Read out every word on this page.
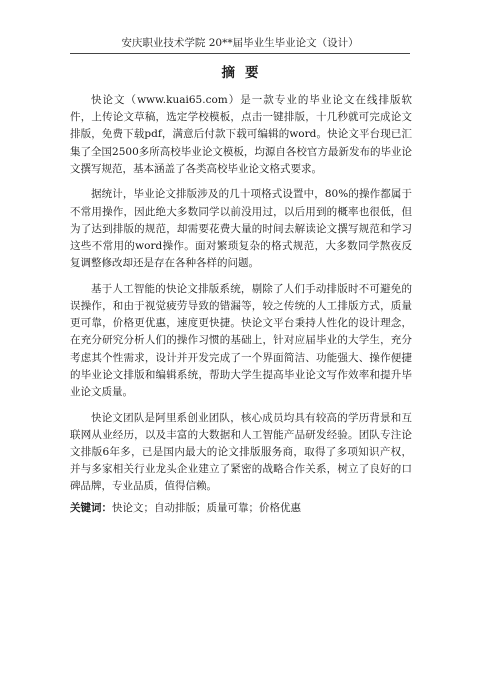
安庆职业技术学院 20**届毕业生毕业论文（设计）
摘要

快论文（www.kuai65.com）是一款专业的毕业论文在线排版软件，上传论文草稿，选定学校模板，点击一键排版，十几秒就可完成论文排版，免费下载pdf，满意后付款下载可编辑的word。快论文平台现已汇集了全国2500多所高校毕业论文模板，均源自各校官方最新发布的毕业论文撰写规范，基本涵盖了各类高校毕业论文格式要求。

据统计，毕业论文排版涉及的几十项格式设置中，80%的操作都属于不常用操作，因此绝大多数同学以前没用过，以后用到的概率也很低，但为了达到排版的规范，却需要花费大量的时间去解读论文撰写规范和学习这些不常用的word操作。面对繁琐复杂的格式规范，大多数同学熬夜反复调整修改却还是存在各种各样的问题。

基于人工智能的快论文排版系统，剔除了人们手动排版时不可避免的误操作，和由于视觉疲劳导致的错漏等，较之传统的人工排版方式，质量更可靠，价格更优惠，速度更快捷。快论文平台秉持人性化的设计理念，在充分研究分析人们的操作习惯的基础上，针对应届毕业的大学生，充分考虑其个性需求，设计并开发完成了一个界面简洁、功能强大、操作便捷的毕业论文排版和编辑系统，帮助大学生提高毕业论文写作效率和提升毕业论文质量。

快论文团队是阿里系创业团队，核心成员均具有较高的学历背景和互联网从业经历，以及丰富的大数据和人工智能产品研发经验。团队专注论文排版6年多，已是国内最大的论文排版服务商，取得了多项知识产权，并与多家相关行业龙头企业建立了紧密的战略合作关系，树立了良好的口碑品牌，专业品质，值得信赖。

关键词：快论文；自动排版；质量可靠；价格优惠
